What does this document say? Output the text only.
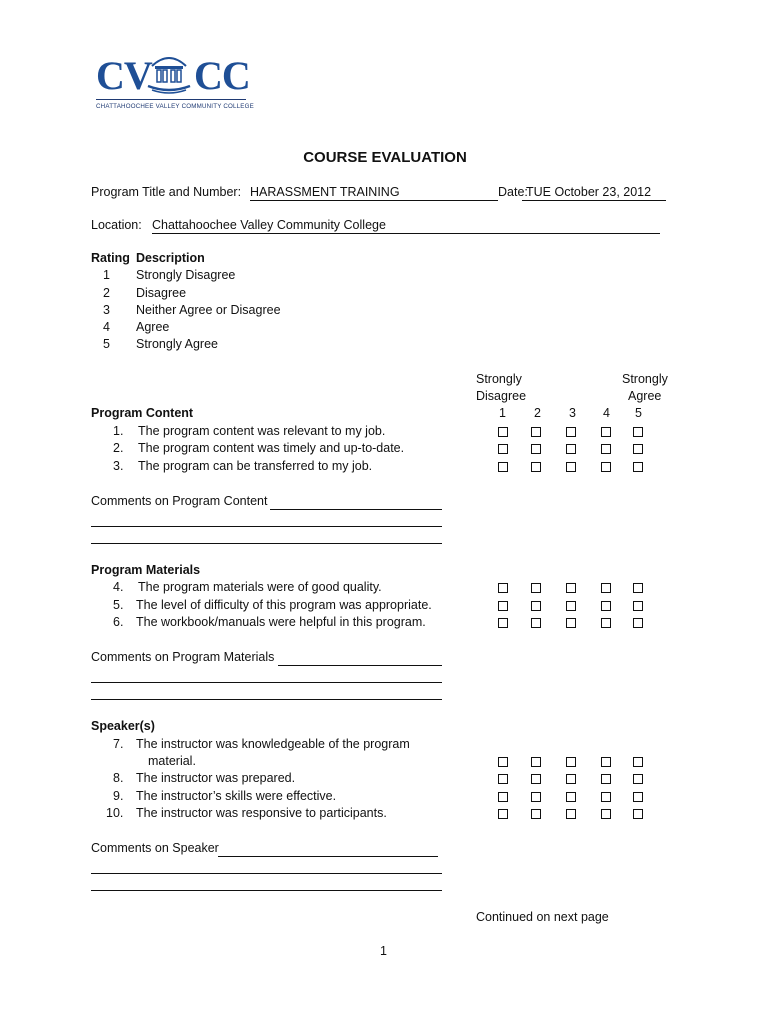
CV CC
CHATTAHOOCHEE VALLEY COMMUNITY COLLEGE
COURSE EVALUATION
Program Title and Number: HARASSMENT TRAINING	Date:
TUE October 23, 2012
Location: Chattahoochee Valley Community College
Rating Description
1 Strongly Disagree
2 Disagree
3 Neither Agree or Disagree
4 Agree
5 Strongly Agree
Strongly
Disagree
Strongly
Agree
1 2 3 4 5
Program Content
1. The program content was relevant to my job.
2. The program content was timely and up-to-date.
3. The program can be transferred to my job.
Comments on Program Content
Program Materials
4. The program materials were of good quality.
5. The level of difficulty of this program was appropriate.
6. The workbook/manuals were helpful in this program.
Comments on Program Materials
Speaker(s)
7. The instructor was knowledgeable of the program
material.
8. The instructor was prepared.
9. The instructor’s skills were effective.
10. The instructor was responsive to participants.
Comments on Speaker
Continued on next page
1
